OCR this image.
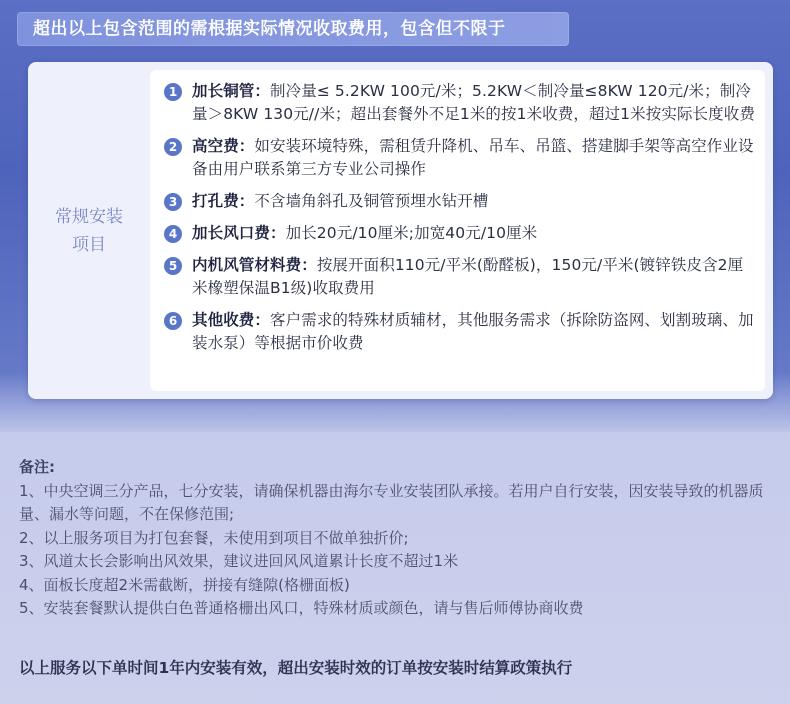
超出以上包含范围的需根据实际情况收取费用，包含但不限于
常规安装
项目
1 加长铜管：制冷量≤ 5.2KW 100元/米；5.2KW＜制冷量≤8KW 120元/米；制冷量＞8KW 130元//米；超出套餐外不足1米的按1米收费，超过1米按实际长度收费
2 高空费：如安装环境特殊，需租赁升降机、吊车、吊篮、搭建脚手架等高空作业设备由用户联系第三方专业公司操作
3 打孔费：不含墙角斜孔及铜管预埋水钻开槽
4 加长风口费：加长20元/10厘米;加宽40元/10厘米
5 内机风管材料费：按展开面积110元/平米(酚醛板)，150元/平米(镀锌铁皮含2厘米橡塑保温B1级)收取费用
6 其他收费：客户需求的特殊材质辅材，其他服务需求（拆除防盗网、划割玻璃、加装水泵）等根据市价收费
备注:
1、中央空调三分产品，七分安装，请确保机器由海尔专业安装团队承接。若用户自行安装，因安装导致的机器质量、漏水等问题，不在保修范围;
2、以上服务项目为打包套餐，未使用到项目不做单独折价;
3、风道太长会影响出风效果，建议进回风风道累计长度不超过1米
4、面板长度超2米需截断，拼接有缝隙(格栅面板)
5、安装套餐默认提供白色普通格栅出风口，特殊材质或颜色，请与售后师傅协商收费
以上服务以下单时间1年内安装有效，超出安装时效的订单按安装时结算政策执行
